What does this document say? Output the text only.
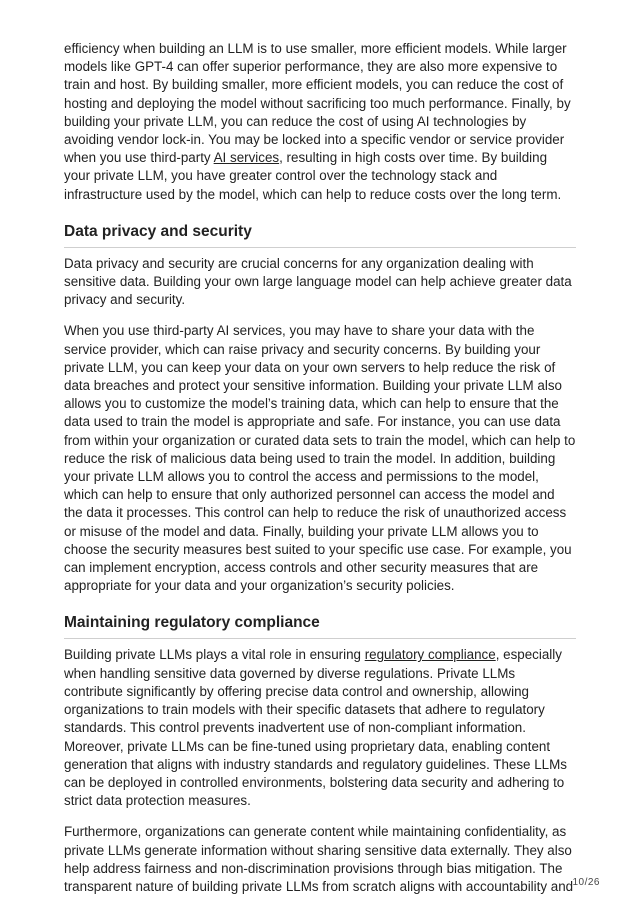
efficiency when building an LLM is to use smaller, more efficient models. While larger models like GPT-4 can offer superior performance, they are also more expensive to train and host. By building smaller, more efficient models, you can reduce the cost of hosting and deploying the model without sacrificing too much performance. Finally, by building your private LLM, you can reduce the cost of using AI technologies by avoiding vendor lock-in. You may be locked into a specific vendor or service provider when you use third-party AI services, resulting in high costs over time. By building your private LLM, you have greater control over the technology stack and infrastructure used by the model, which can help to reduce costs over the long term.

Data privacy and security

Data privacy and security are crucial concerns for any organization dealing with sensitive data. Building your own large language model can help achieve greater data privacy and security.

When you use third-party AI services, you may have to share your data with the service provider, which can raise privacy and security concerns. By building your private LLM, you can keep your data on your own servers to help reduce the risk of data breaches and protect your sensitive information. Building your private LLM also allows you to customize the model’s training data, which can help to ensure that the data used to train the model is appropriate and safe. For instance, you can use data from within your organization or curated data sets to train the model, which can help to reduce the risk of malicious data being used to train the model. In addition, building your private LLM allows you to control the access and permissions to the model, which can help to ensure that only authorized personnel can access the model and the data it processes. This control can help to reduce the risk of unauthorized access or misuse of the model and data. Finally, building your private LLM allows you to choose the security measures best suited to your specific use case. For example, you can implement encryption, access controls and other security measures that are appropriate for your data and your organization’s security policies.

Maintaining regulatory compliance

Building private LLMs plays a vital role in ensuring regulatory compliance, especially when handling sensitive data governed by diverse regulations. Private LLMs contribute significantly by offering precise data control and ownership, allowing organizations to train models with their specific datasets that adhere to regulatory standards. This control prevents inadvertent use of non-compliant information. Moreover, private LLMs can be fine-tuned using proprietary data, enabling content generation that aligns with industry standards and regulatory guidelines. These LLMs can be deployed in controlled environments, bolstering data security and adhering to strict data protection measures.

Furthermore, organizations can generate content while maintaining confidentiality, as private LLMs generate information without sharing sensitive data externally. They also help address fairness and non-discrimination provisions through bias mitigation. The transparent nature of building private LLMs from scratch aligns with accountability and 10/26
